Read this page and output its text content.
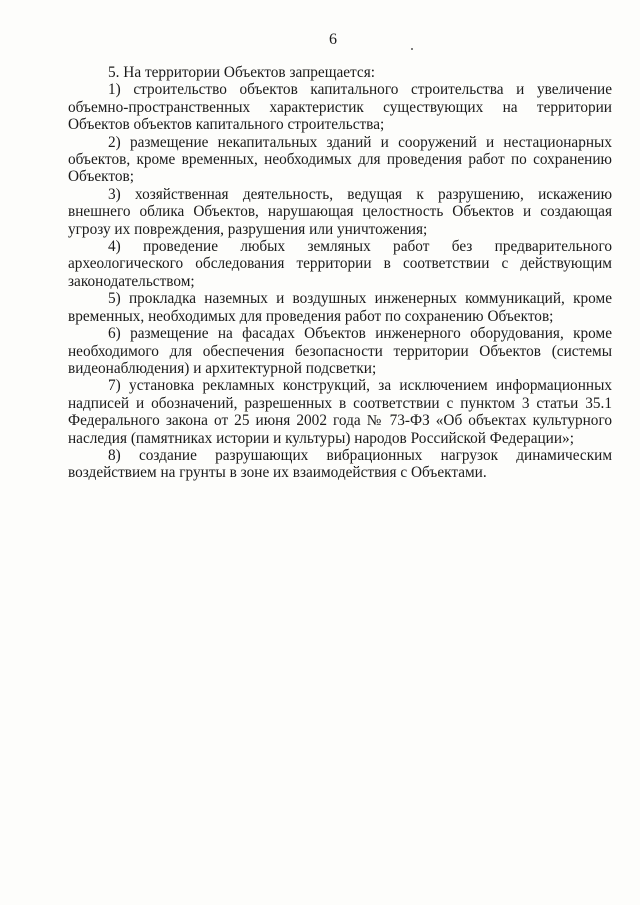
6
5. На территории Объектов запрещается:
1) строительство объектов капитального строительства и увеличение
объемно-пространственных характеристик существующих на территории
Объектов объектов капитального строительства;
2) размещение некапитальных зданий и сооружений и нестационарных
объектов, кроме временных, необходимых для проведения работ по сохранению
Объектов;
3) хозяйственная деятельность, ведущая к разрушению, искажению
внешнего облика Объектов, нарушающая целостность Объектов и создающая
угрозу их повреждения, разрушения или уничтожения;
4) проведение любых земляных работ без предварительного
археологического обследования территории в соответствии с действующим
законодательством;
5) прокладка наземных и воздушных инженерных коммуникаций, кроме
временных, необходимых для проведения работ по сохранению Объектов;
6) размещение на фасадах Объектов инженерного оборудования, кроме
необходимого для обеспечения безопасности территории Объектов (системы
видеонаблюдения) и архитектурной подсветки;
7) установка рекламных конструкций, за исключением информационных
надписей и обозначений, разрешенных в соответствии с пунктом 3 статьи 35.1
Федерального закона от 25 июня 2002 года № 73-ФЗ «Об объектах культурного
наследия (памятниках истории и культуры) народов Российской Федерации»;
8) создание разрушающих вибрационных нагрузок динамическим
воздействием на грунты в зоне их взаимодействия с Объектами.
